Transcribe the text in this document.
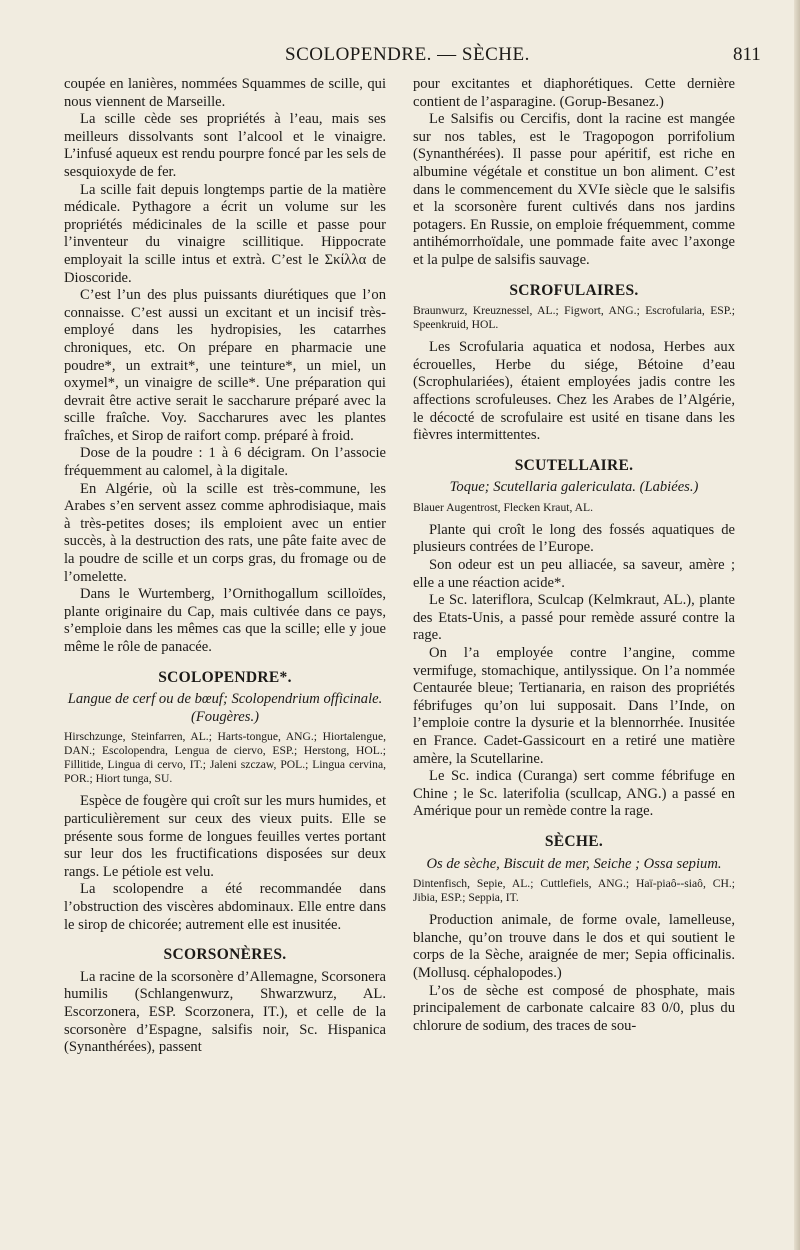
SCOLOPENDRE. — SÈCHE.	811

coupée en lanières, nommées Squammes de scille, qui nous viennent de Marseille.

La scille cède ses propriétés à l’eau, mais ses meilleurs dissolvants sont l’alcool et le vinaigre. L’infusé aqueux est rendu pourpre foncé par les sels de sesquioxyde de fer.

La scille fait depuis longtemps partie de la matière médicale. Pythagore a écrit un volume sur les propriétés médicinales de la scille et passe pour l’inventeur du vinaigre scillitique. Hippocrate employait la scille intus et extrà. C’est le Σκίλλα de Dioscoride.

C’est l’un des plus puissants diurétiques que l’on connaisse. C’est aussi un excitant et un incisif très-employé dans les hydropisies, les catarrhes chroniques, etc. On prépare en pharmacie une poudre*, un extrait*, une teinture*, un miel, un oxymel*, un vinaigre de scille*. Une préparation qui devrait être active serait le saccharure préparé avec la scille fraîche. Voy. Saccharures avec les plantes fraîches, et Sirop de raifort comp. préparé à froid.

Dose de la poudre : 1 à 6 décigram. On l’associe fréquemment au calomel, à la digitale.

En Algérie, où la scille est très-commune, les Arabes s’en servent assez comme aphrodisiaque, mais à très-petites doses; ils emploient avec un entier succès, à la destruction des rats, une pâte faite avec de la poudre de scille et un corps gras, du fromage ou de l’omelette.

Dans le Wurtemberg, l’Ornithogallum scilloïdes, plante originaire du Cap, mais cultivée dans ce pays, s’emploie dans les mêmes cas que la scille; elle y joue même le rôle de panacée.

SCOLOPENDRE*.

Langue de cerf ou de bœuf; Scolopendrium officinale. (Fougères.)

Hirschzunge, Steinfarren, AL.; Harts-tongue, ANG.; Hiortalengue, DAN.; Escolopendra, Lengua de ciervo, ESP.; Herstong, HOL.; Fillitide, Lingua di cervo, IT.; Jaleni szczaw, POL.; Lingua cervina, POR.; Hiort tunga, SU.

Espèce de fougère qui croît sur les murs humides, et particulièrement sur ceux des vieux puits. Elle se présente sous forme de longues feuilles vertes portant sur leur dos les fructifications disposées sur deux rangs. Le pétiole est velu.

La scolopendre a été recommandée dans l’obstruction des viscères abdominaux. Elle entre dans le sirop de chicorée; autrement elle est inusitée.

SCORSONÈRES.

La racine de la scorsonère d’Allemagne, Scorsonera humilis (Schlangenwurz, Shwarzwurz, AL. Escorzonera, ESP. Scorzonera, IT.), et celle de la scorsonère d’Espagne, salsifis noir, Sc. Hispanica (Synanthérées), passent

pour excitantes et diaphorétiques. Cette dernière contient de l’asparagine. (Gorup-Besanez.)

Le Salsifis ou Cercifis, dont la racine est mangée sur nos tables, est le Tragopogon porrifolium (Synanthérées). Il passe pour apéritif, est riche en albumine végétale et constitue un bon aliment. C’est dans le commencement du XVIe siècle que le salsifis et la scorsonère furent cultivés dans nos jardins potagers. En Russie, on emploie fréquemment, comme antihémorrhoïdale, une pommade faite avec l’axonge et la pulpe de salsifis sauvage.

SCROFULAIRES.

Braunwurz, Kreuznessel, AL.; Figwort, ANG.; Escrofularia, ESP.; Speenkruid, HOL.

Les Scrofularia aquatica et nodosa, Herbes aux écrouelles, Herbe du siége, Bétoine d’eau (Scrophulariées), étaient employées jadis contre les affections scrofuleuses. Chez les Arabes de l’Algérie, le décocté de scrofulaire est usité en tisane dans les fièvres intermittentes.

SCUTELLAIRE.

Toque; Scutellaria galericulata. (Labiées.)

Blauer Augentrost, Flecken Kraut, AL.

Plante qui croît le long des fossés aquatiques de plusieurs contrées de l’Europe.

Son odeur est un peu alliacée, sa saveur, amère ; elle a une réaction acide*.

Le Sc. lateriflora, Sculcap (Kelmkraut, AL.), plante des Etats-Unis, a passé pour remède assuré contre la rage.

On l’a employée contre l’angine, comme vermifuge, stomachique, antilyssique. On l’a nommée Centaurée bleue; Tertianaria, en raison des propriétés fébrifuges qu’on lui supposait. Dans l’Inde, on l’emploie contre la dysurie et la blennorrhée. Inusitée en France. Cadet-Gassicourt en a retiré une matière amère, la Scutellarine.

Le Sc. indica (Curanga) sert comme fébrifuge en Chine ; le Sc. laterifolia (scullcap, ANG.) a passé en Amérique pour un remède contre la rage.

SÈCHE.

Os de sèche, Biscuit de mer, Seiche ; Ossa sepium.

Dintenfisch, Sepie, AL.; Cuttlefiels, ANG.; Haï-piaô--siaô, CH.; Jibia, ESP.; Seppia, IT.

Production animale, de forme ovale, lamelleuse, blanche, qu’on trouve dans le dos et qui soutient le corps de la Sèche, araignée de mer; Sepia officinalis. (Mollusq. céphalopodes.)

L’os de sèche est composé de phosphate, mais principalement de carbonate calcaire 83 0/0, plus du chlorure de sodium, des traces de sou-
